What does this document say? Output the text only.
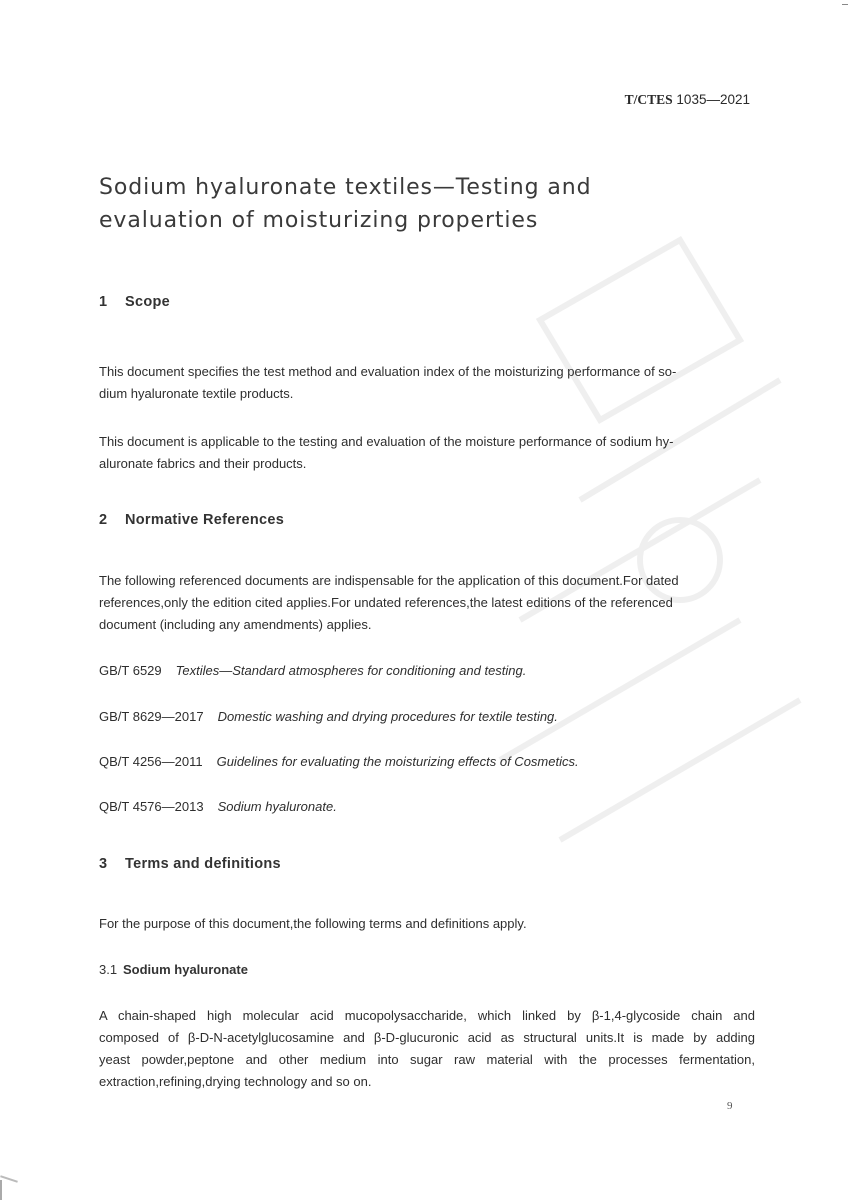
T/CTES 1035—2021
Sodium hyaluronate textiles—Testing and
evaluation of moisturizing properties
1 Scope
This document specifies the test method and evaluation index of the moisturizing performance of so-
dium hyaluronate textile products.
This document is applicable to the testing and evaluation of the moisture performance of sodium hy-
aluronate fabrics and their products.
2 Normative References
The following referenced documents are indispensable for the application of this document.For dated
references,only the edition cited applies.For undated references,the latest editions of the referenced
document (including any amendments) applies.
GB/T 6529 Textiles—Standard atmospheres for conditioning and testing.
GB/T 8629—2017 Domestic washing and drying procedures for textile testing.
QB/T 4256—2011 Guidelines for evaluating the moisturizing effects of Cosmetics.
QB/T 4576—2013 Sodium hyaluronate.
3 Terms and definitions
For the purpose of this document,the following terms and definitions apply.
3.1 Sodium hyaluronate
A chain-shaped high molecular acid mucopolysaccharide, which linked by β-1,4-glycoside chain and
composed of β-D-N-acetylglucosamine and β-D-glucuronic acid as structural units.It is made by adding
yeast powder,peptone and other medium into sugar raw material with the processes fermentation,
extraction,refining,drying technology and so on.
9
